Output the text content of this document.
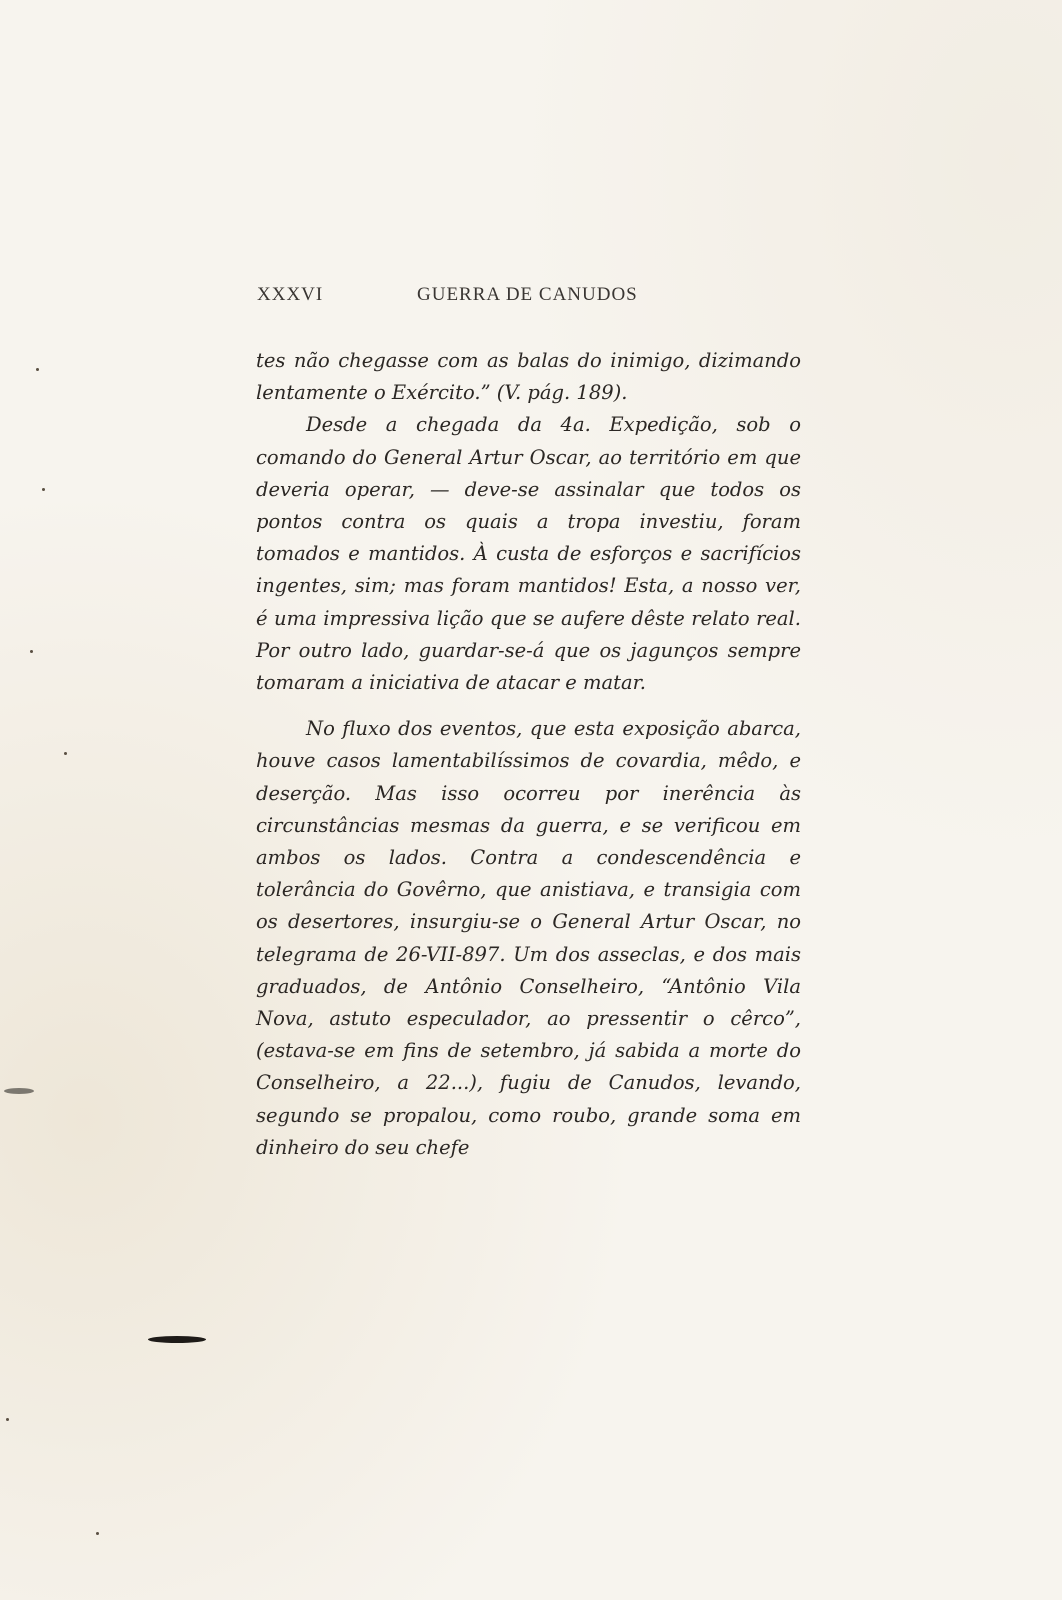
XXXVI	GUERRA DE CANUDOS

tes não chegasse com as balas do inimigo, dizimando lentamente o Exército.” (V. pág. 189).

Desde a chegada da 4a. Expedição, sob o comando do General Artur Oscar, ao território em que deveria operar, — deve-se assinalar que todos os pontos contra os quais a tropa investiu, foram tomados e mantidos. À custa de esforços e sacrifícios ingentes, sim; mas foram mantidos! Esta, a nosso ver, é uma impressiva lição que se aufere dêste relato real. Por outro lado, guardar-se-á que os jagunços sempre tomaram a iniciativa de atacar e matar.

No fluxo dos eventos, que esta exposição abarca, houve casos lamentabilíssimos de covardia, mêdo, e deserção. Mas isso ocorreu por inerência às circunstâncias mesmas da guerra, e se verificou em ambos os lados. Contra a condescendência e tolerância do Govêrno, que anistiava, e transigia com os desertores, insurgiu-se o General Artur Oscar, no telegrama de 26-VII-897. Um dos asseclas, e dos mais graduados, de Antônio Conselheiro, “Antônio Vila Nova, astuto especulador, ao pressentir o cêrco”, (estava-se em fins de setembro, já sabida a morte do Conselheiro, a 22...), fugiu de Canudos, levando, segundo se propalou, como roubo, grande soma em dinheiro do seu chefe
